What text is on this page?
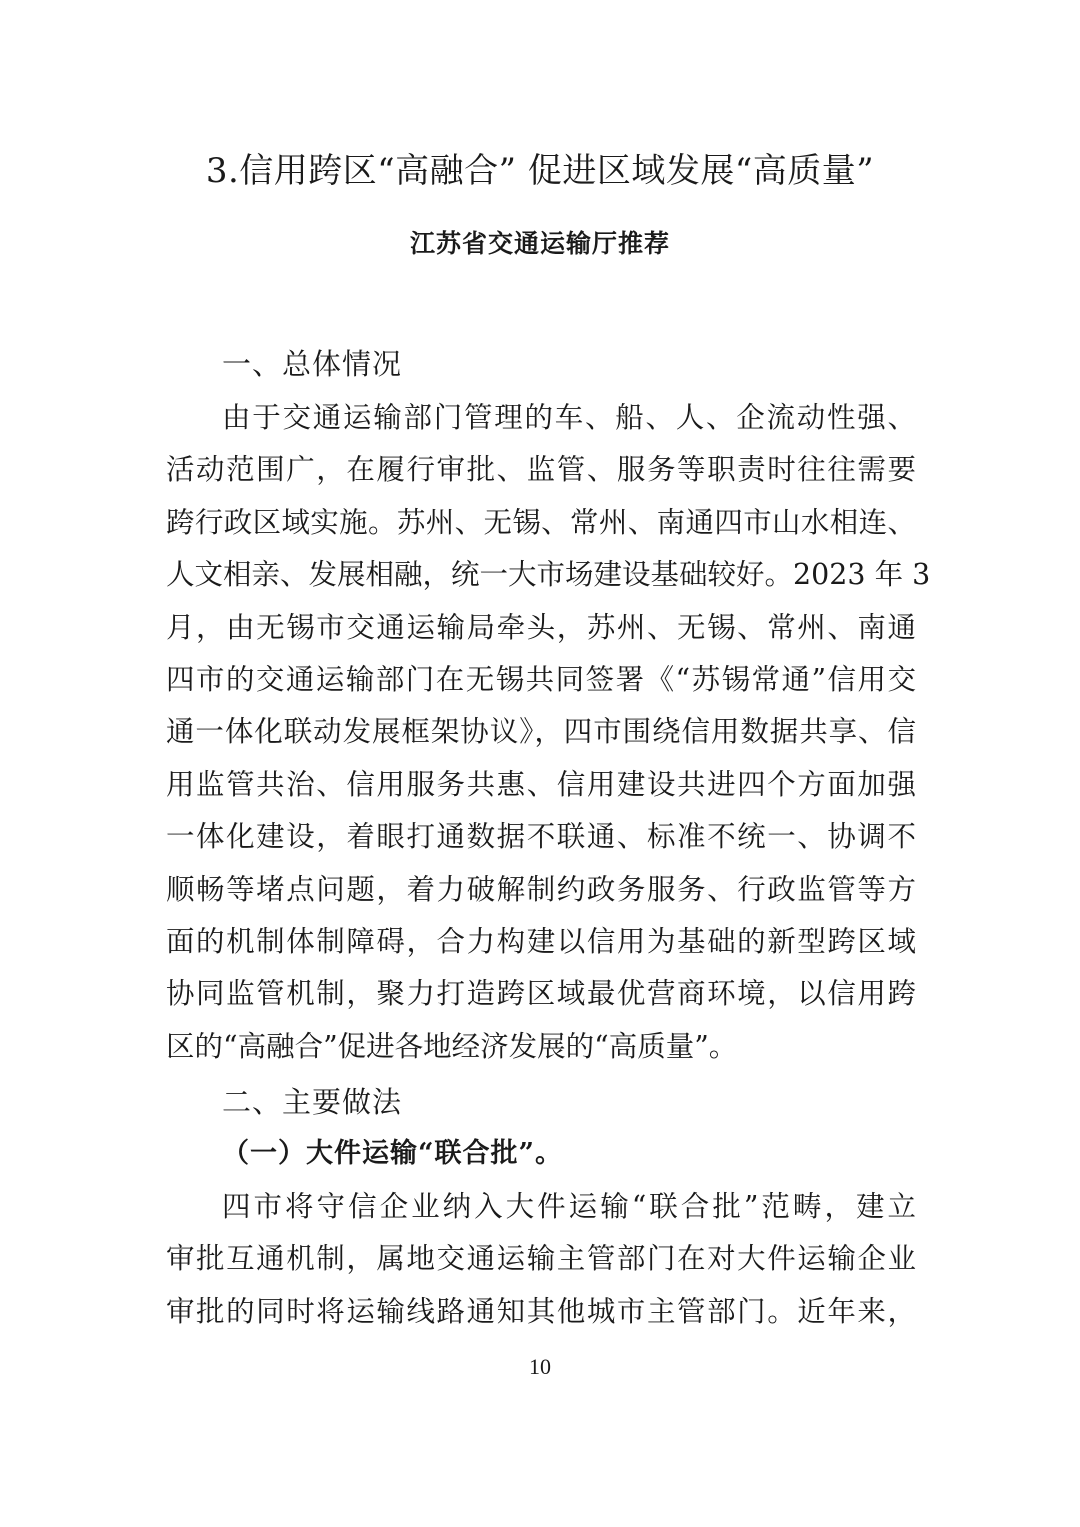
3.信用跨区“高融合” 促进区域发展“高质量”
江苏省交通运输厅推荐
一、总体情况
由于交通运输部门管理的车、船、人、企流动性强、
活动范围广，在履行审批、监管、服务等职责时往往需要
跨行政区域实施。苏州、无锡、常州、南通四市山水相连、
人文相亲、发展相融，统一大市场建设基础较好。2023 年 3
月，由无锡市交通运输局牵头，苏州、无锡、常州、南通
四市的交通运输部门在无锡共同签署《“苏锡常通”信用交
通一体化联动发展框架协议》，四市围绕信用数据共享、信
用监管共治、信用服务共惠、信用建设共进四个方面加强
一体化建设，着眼打通数据不联通、标准不统一、协调不
顺畅等堵点问题，着力破解制约政务服务、行政监管等方
面的机制体制障碍，合力构建以信用为基础的新型跨区域
协同监管机制，聚力打造跨区域最优营商环境，以信用跨
区的“高融合”促进各地经济发展的“高质量”。
二、主要做法
（一）大件运输“联合批”。
四市将守信企业纳入大件运输“联合批”范畴，建立
审批互通机制，属地交通运输主管部门在对大件运输企业
审批的同时将运输线路通知其他城市主管部门。近年来，
10
